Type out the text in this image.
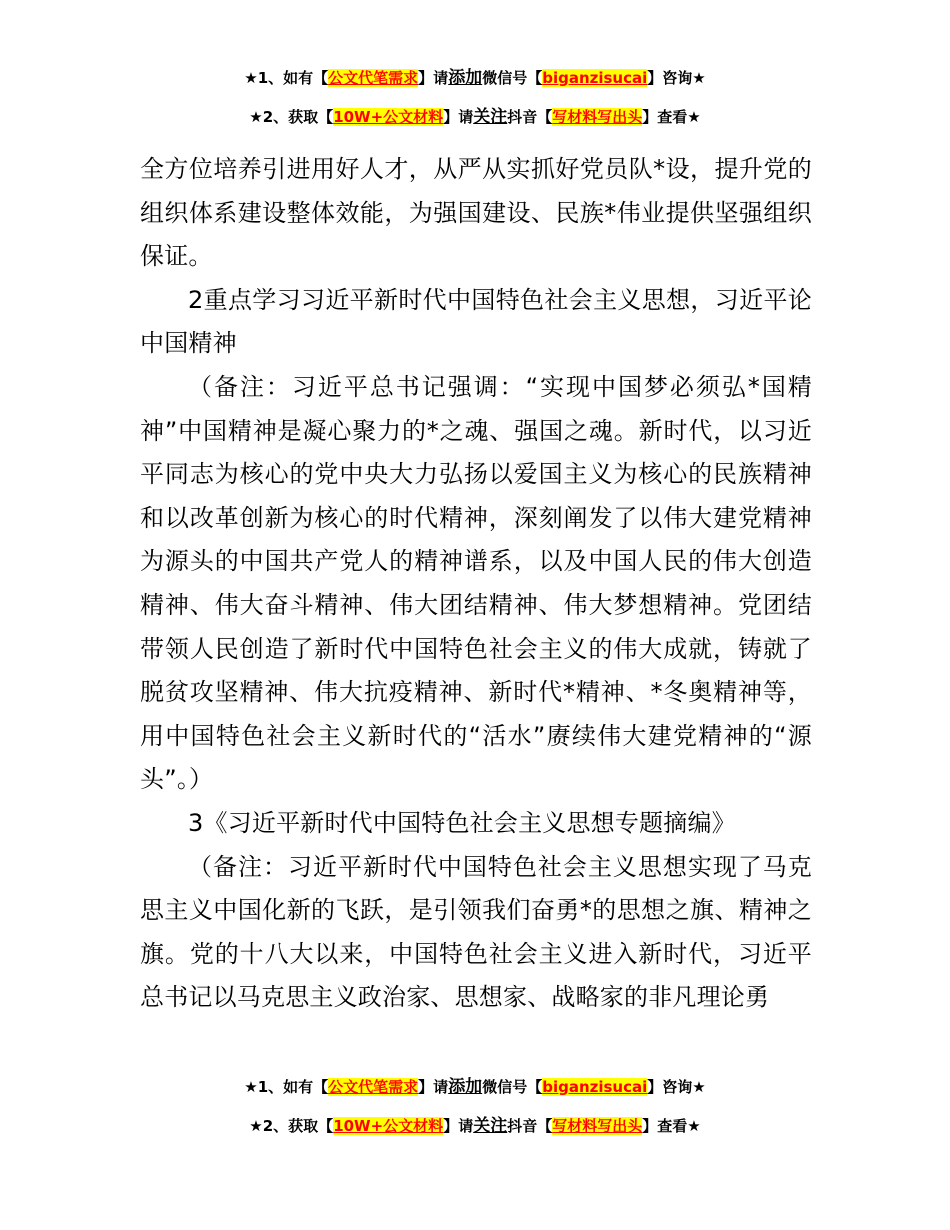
★1、如有【公文代笔需求】请添加微信号【biganzisucai】咨询★
★2、获取【10W+公文材料】请关注抖音【写材料写出头】查看★

全方位培养引进用好人才，从严从实抓好党员队*设，提升党的组织体系建设整体效能，为强国建设、民族*伟业提供坚强组织保证。

2重点学习习近平新时代中国特色社会主义思想，习近平论中国精神

（备注：习近平总书记强调：“实现中国梦必须弘*国精神”中国精神是凝心聚力的*之魂、强国之魂。新时代，以习近平同志为核心的党中央大力弘扬以爱国主义为核心的民族精神和以改革创新为核心的时代精神，深刻阐发了以伟大建党精神为源头的中国共产党人的精神谱系，以及中国人民的伟大创造精神、伟大奋斗精神、伟大团结精神、伟大梦想精神。党团结带领人民创造了新时代中国特色社会主义的伟大成就，铸就了脱贫攻坚精神、伟大抗疫精神、新时代*精神、*冬奥精神等，用中国特色社会主义新时代的“活水”赓续伟大建党精神的“源头”。）

3《习近平新时代中国特色社会主义思想专题摘编》

（备注：习近平新时代中国特色社会主义思想实现了马克思主义中国化新的飞跃，是引领我们奋勇*的思想之旗、精神之旗。党的十八大以来，中国特色社会主义进入新时代，习近平总书记以马克思主义政治家、思想家、战略家的非凡理论勇

★1、如有【公文代笔需求】请添加微信号【biganzisucai】咨询★
★2、获取【10W+公文材料】请关注抖音【写材料写出头】查看★
